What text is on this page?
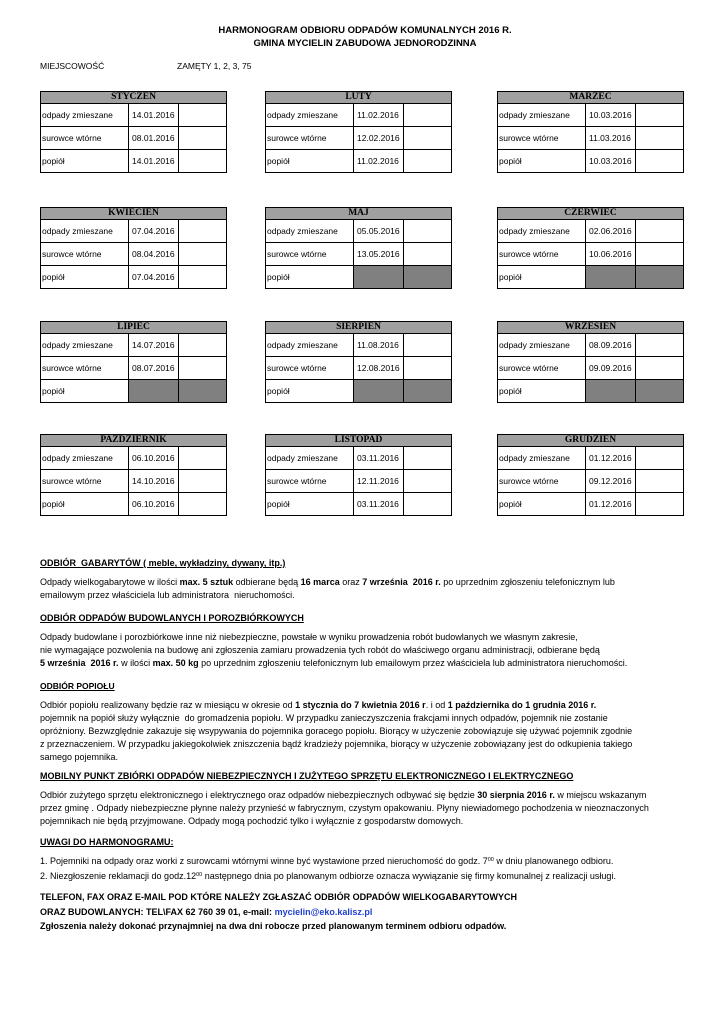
HARMONOGRAM ODBIORU ODPADÓW KOMUNALNYCH 2016 R.
GMINA MYCIELIN ZABUDOWA JEDNORODZINNA
MIEJSCOWOŚĆ	ZAMĘTY 1, 2, 3, 75
STYCZEŃ		
odpady zmieszane	14.01.2016	
surowce wtórne	08.01.2016	
popiół	14.01.2016	
LUTY		
odpady zmieszane	11.02.2016	
surowce wtórne	12.02.2016	
popiół	11.02.2016	
MARZEC		
odpady zmieszane	10.03.2016	
surowce wtórne	11.03.2016	
popiół	10.03.2016	
KWIECIEŃ		
odpady zmieszane	07.04.2016	
surowce wtórne	08.04.2016	
popiół	07.04.2016	
MAJ		
odpady zmieszane	05.05.2016	
surowce wtórne	13.05.2016	
popiół		
CZERWIEC		
odpady zmieszane	02.06.2016	
surowce wtórne	10.06.2016	
popiół		
LIPIEC		
odpady zmieszane	14.07.2016	
surowce wtórne	08.07.2016	
popiół		
SIERPIEŃ		
odpady zmieszane	11.08.2016	
surowce wtórne	12.08.2016	
popiół		
WRZESIEŃ		
odpady zmieszane	08.09.2016	
surowce wtórne	09.09.2016	
popiół		
PAŹDZIERNIK		
odpady zmieszane	06.10.2016	
surowce wtórne	14.10.2016	
popiół	06.10.2016	
LISTOPAD		
odpady zmieszane	03.11.2016	
surowce wtórne	12.11.2016	
popiół	03.11.2016	
GRUDZIEŃ		
odpady zmieszane	01.12.2016	
surowce wtórne	09.12.2016	
popiół	01.12.2016	
ODBIÓR  GABARYTÓW ( meble, wykładziny, dywany, itp.)
Odpady wielkogabarytowe w ilości max. 5 sztuk odbierane będą 16 marca oraz 7 września  2016 r. po uprzednim zgłoszeniu telefonicznym lub
emailowym przez właściciela lub administratora  nieruchomości.
ODBIÓR ODPADÓW BUDOWLANYCH I POROZBIÓRKOWYCH
Odpady budowlane i porozbiórkowe inne niż niebezpieczne, powstałe w wyniku prowadzenia robót budowlanych we własnym zakresie,
nie wymagające pozwolenia na budowę ani zgłoszenia zamiaru prowadzenia tych robót do właściwego organu administracji, odbierane będą
5 września  2016 r. w ilości max. 50 kg po uprzednim zgłoszeniu telefonicznym lub emailowym przez właściciela lub administratora nieruchomości.
ODBIÓR POPIOŁU
Odbiór popiołu realizowany będzie raz w miesiącu w okresie od 1 stycznia do 7 kwietnia 2016 r. i od 1 października do 1 grudnia 2016 r.
pojemnik na popiół służy wyłącznie  do gromadzenia popiołu. W przypadku zanieczyszczenia frakcjami innych odpadów, pojemnik nie zostanie
opróżniony. Bezwzględnie zakazuje się wsypywania do pojemnika goracego popiołu. Biorący w użyczenie zobowiązuje się używać pojemnik zgodnie
z przeznaczeniem. W przypadku jakiegokolwiek zniszczenia bądź kradzieży pojemnika, biorący w użyczenie zobowiązany jest do odkupienia takiego
samego pojemnika.
MOBILNY PUNKT ZBIÓRKI ODPADÓW NIEBEZPIECZNYCH I ZUŻYTEGO SPRZĘTU ELEKTRONICZNEGO I ELEKTRYCZNEGO
Odbiór zużytego sprzętu elektronicznego i elektrycznego oraz odpadów niebezpiecznych odbywać się będzie 30 sierpnia 2016 r. w miejscu wskazanym
przez gminę . Odpady niebezpieczne płynne należy przynieść w fabrycznym, czystym opakowaniu. Płyny niewiadomego pochodzenia w nieoznaczonych
pojemnikach nie będą przyjmowane. Odpady mogą pochodzić tylko i wyłącznie z gospodarstw domowych.
UWAGI DO HARMONOGRAMU:
1. Pojemniki na odpady oraz worki z surowcami wtórnymi winne być wystawione przed nieruchomość do godz. $7^{00}$ w dniu planowanego odbioru.
2. Niezgłoszenie reklamacji do $godz.12^{00}$ następnego dnia po planowanym odbiorze oznacza wywiązanie się firmy komunalnej z realizacji usługi.
TELEFON, FAX ORAZ E-MAIL POD KTÓRE NALEŻY ZGŁASZAĆ ODBIÓR ODPADÓW WIELKOGABARYTOWYCH
ORAZ BUDOWLANYCH: TEL\FAX 62 760 39 01, e-mail: mycielin@eko.kalisz.pl
Zgłoszenia należy dokonać przynajmniej na dwa dni robocze przed planowanym terminem odbioru odpadów.
